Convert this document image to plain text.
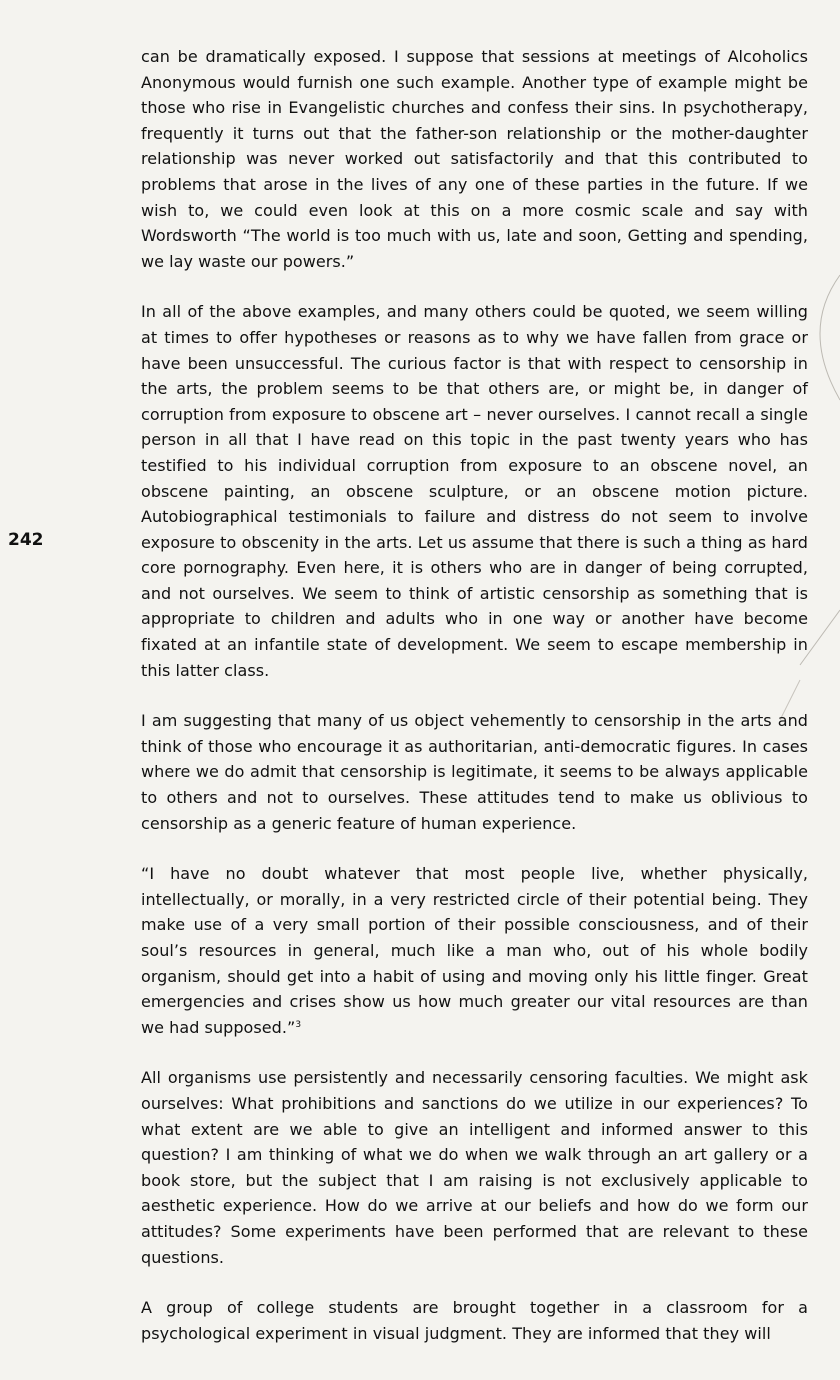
242

can be dramatically exposed. I suppose that sessions at meetings of Alcoholics Anonymous would furnish one such example. Another type of example might be those who rise in Evangelistic churches and confess their sins. In psychotherapy, frequently it turns out that the father-son relationship or the mother-daughter relationship was never worked out satisfactorily and that this contributed to problems that arose in the lives of any one of these parties in the future. If we wish to, we could even look at this on a more cosmic scale and say with Wordsworth “The world is too much with us, late and soon, Getting and spending, we lay waste our powers.”

In all of the above examples, and many others could be quoted, we seem willing at times to offer hypotheses or reasons as to why we have fallen from grace or have been unsuccessful. The curious factor is that with respect to censorship in the arts, the problem seems to be that others are, or might be, in danger of corruption from exposure to obscene art – never ourselves. I cannot recall a single person in all that I have read on this topic in the past twenty years who has testified to his individual corruption from exposure to an obscene novel, an obscene painting, an obscene sculpture, or an obscene motion picture. Autobiographical testimonials to failure and distress do not seem to involve exposure to obscenity in the arts. Let us assume that there is such a thing as hard core pornography. Even here, it is others who are in danger of being corrupted, and not ourselves. We seem to think of artistic censorship as something that is appropriate to children and adults who in one way or another have become fixated at an infantile state of development. We seem to escape membership in this latter class.

I am suggesting that many of us object vehemently to censorship in the arts and think of those who encourage it as authoritarian, anti-democratic figures. In cases where we do admit that censorship is legitimate, it seems to be always applicable to others and not to ourselves. These attitudes tend to make us oblivious to censorship as a generic feature of human experience.

“I have no doubt whatever that most people live, whether physically, intellectually, or morally, in a very restricted circle of their potential being. They make use of a very small portion of their possible consciousness, and of their soul’s resources in general, much like a man who, out of his whole bodily organism, should get into a habit of using and moving only his little finger. Great emergencies and crises show us how much greater our vital resources are than we had supposed.”$^3$

All organisms use persistently and necessarily censoring faculties. We might ask ourselves: What prohibitions and sanctions do we utilize in our experiences? To what extent are we able to give an intelligent and informed answer to this question? I am thinking of what we do when we walk through an art gallery or a book store, but the subject that I am raising is not exclusively applicable to aesthetic experience. How do we arrive at our beliefs and how do we form our attitudes? Some experiments have been performed that are relevant to these questions.

A group of college students are brought together in a classroom for a psychological experiment in visual judgment. They are informed that they will
